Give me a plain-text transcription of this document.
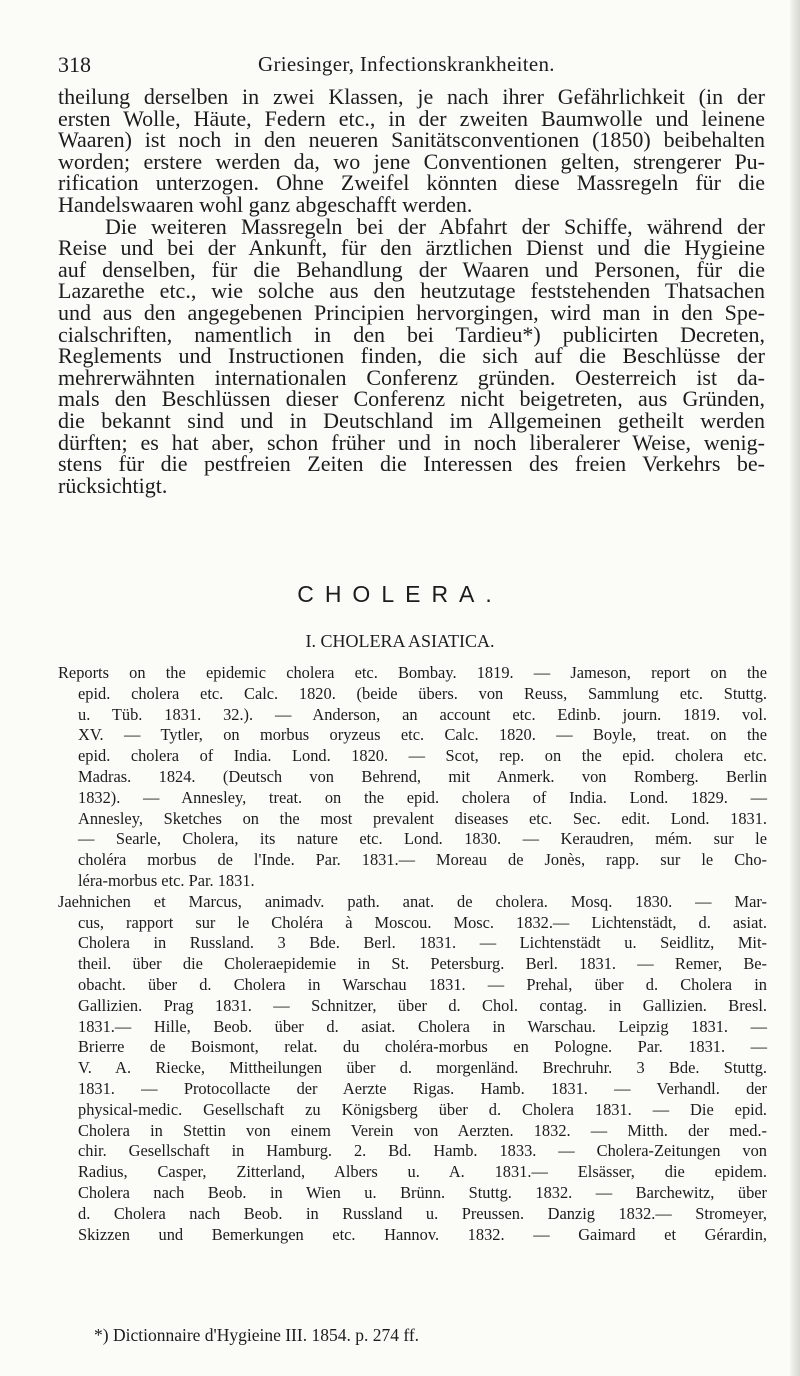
318	Griesinger, Infectionskrankheiten.
theilung derselben in zwei Klassen, je nach ihrer Gefährlichkeit (in der
ersten Wolle, Häute, Federn etc., in der zweiten Baumwolle und leinene
Waaren) ist noch in den neueren Sanitätsconventionen (1850) beibehalten
worden; erstere werden da, wo jene Conventionen gelten, strengerer Pu-
rification unterzogen. Ohne Zweifel könnten diese Massregeln für die
Handelswaaren wohl ganz abgeschafft werden.
Die weiteren Massregeln bei der Abfahrt der Schiffe, während der
Reise und bei der Ankunft, für den ärztlichen Dienst und die Hygieine
auf denselben, für die Behandlung der Waaren und Personen, für die
Lazarethe etc., wie solche aus den heutzutage feststehenden Thatsachen
und aus den angegebenen Principien hervorgingen, wird man in den Spe-
cialschriften, namentlich in den bei Tardieu*) publicirten Decreten,
Reglements und Instructionen finden, die sich auf die Beschlüsse der
mehrerwähnten internationalen Conferenz gründen. Oesterreich ist da-
mals den Beschlüssen dieser Conferenz nicht beigetreten, aus Gründen,
die bekannt sind und in Deutschland im Allgemeinen getheilt werden
dürften; es hat aber, schon früher und in noch liberalerer Weise, wenig-
stens für die pestfreien Zeiten die Interessen des freien Verkehrs be-
rücksichtigt.
CHOLERA.
I. CHOLERA ASIATICA.
Reports on the epidemic cholera etc. Bombay. 1819. — Jameson, report on the
epid. cholera etc. Calc. 1820. (beide übers. von Reuss, Sammlung etc. Stuttg.
u. Tüb. 1831. 32.). — Anderson, an account etc. Edinb. journ. 1819. vol.
XV. — Tytler, on morbus oryzeus etc. Calc. 1820. — Boyle, treat. on the
epid. cholera of India. Lond. 1820. — Scot, rep. on the epid. cholera etc.
Madras. 1824. (Deutsch von Behrend, mit Anmerk. von Romberg. Berlin
1832). — Annesley, treat. on the epid. cholera of India. Lond. 1829. —
Annesley, Sketches on the most prevalent diseases etc. Sec. edit. Lond. 1831.
— Searle, Cholera, its nature etc. Lond. 1830. — Keraudren, mém. sur le
choléra morbus de l'Inde. Par. 1831.— Moreau de Jonès, rapp. sur le Cho-
léra-morbus etc. Par. 1831.
Jaehnichen et Marcus, animadv. path. anat. de cholera. Mosq. 1830. — Mar-
cus, rapport sur le Choléra à Moscou. Mosc. 1832.— Lichtenstädt, d. asiat.
Cholera in Russland. 3 Bde. Berl. 1831. — Lichtenstädt u. Seidlitz, Mit-
theil. über die Choleraepidemie in St. Petersburg. Berl. 1831. — Remer, Be-
obacht. über d. Cholera in Warschau 1831. — Prehal, über d. Cholera in
Gallizien. Prag 1831. — Schnitzer, über d. Chol. contag. in Gallizien. Bresl.
1831.— Hille, Beob. über d. asiat. Cholera in Warschau. Leipzig 1831. —
Brierre de Boismont, relat. du choléra-morbus en Pologne. Par. 1831. —
V. A. Riecke, Mittheilungen über d. morgenländ. Brechruhr. 3 Bde. Stuttg.
1831. — Protocollacte der Aerzte Rigas. Hamb. 1831. — Verhandl. der
physical-medic. Gesellschaft zu Königsberg über d. Cholera 1831. — Die epid.
Cholera in Stettin von einem Verein von Aerzten. 1832. — Mitth. der med.-
chir. Gesellschaft in Hamburg. 2. Bd. Hamb. 1833. — Cholera-Zeitungen von
Radius, Casper, Zitterland, Albers u. A. 1831.— Elsässer, die epidem.
Cholera nach Beob. in Wien u. Brünn. Stuttg. 1832. — Barchewitz, über
d. Cholera nach Beob. in Russland u. Preussen. Danzig 1832.— Stromeyer,
Skizzen und Bemerkungen etc. Hannov. 1832. — Gaimard et Gérardin,
*) Dictionnaire d'Hygieine III. 1854. p. 274 ff.
